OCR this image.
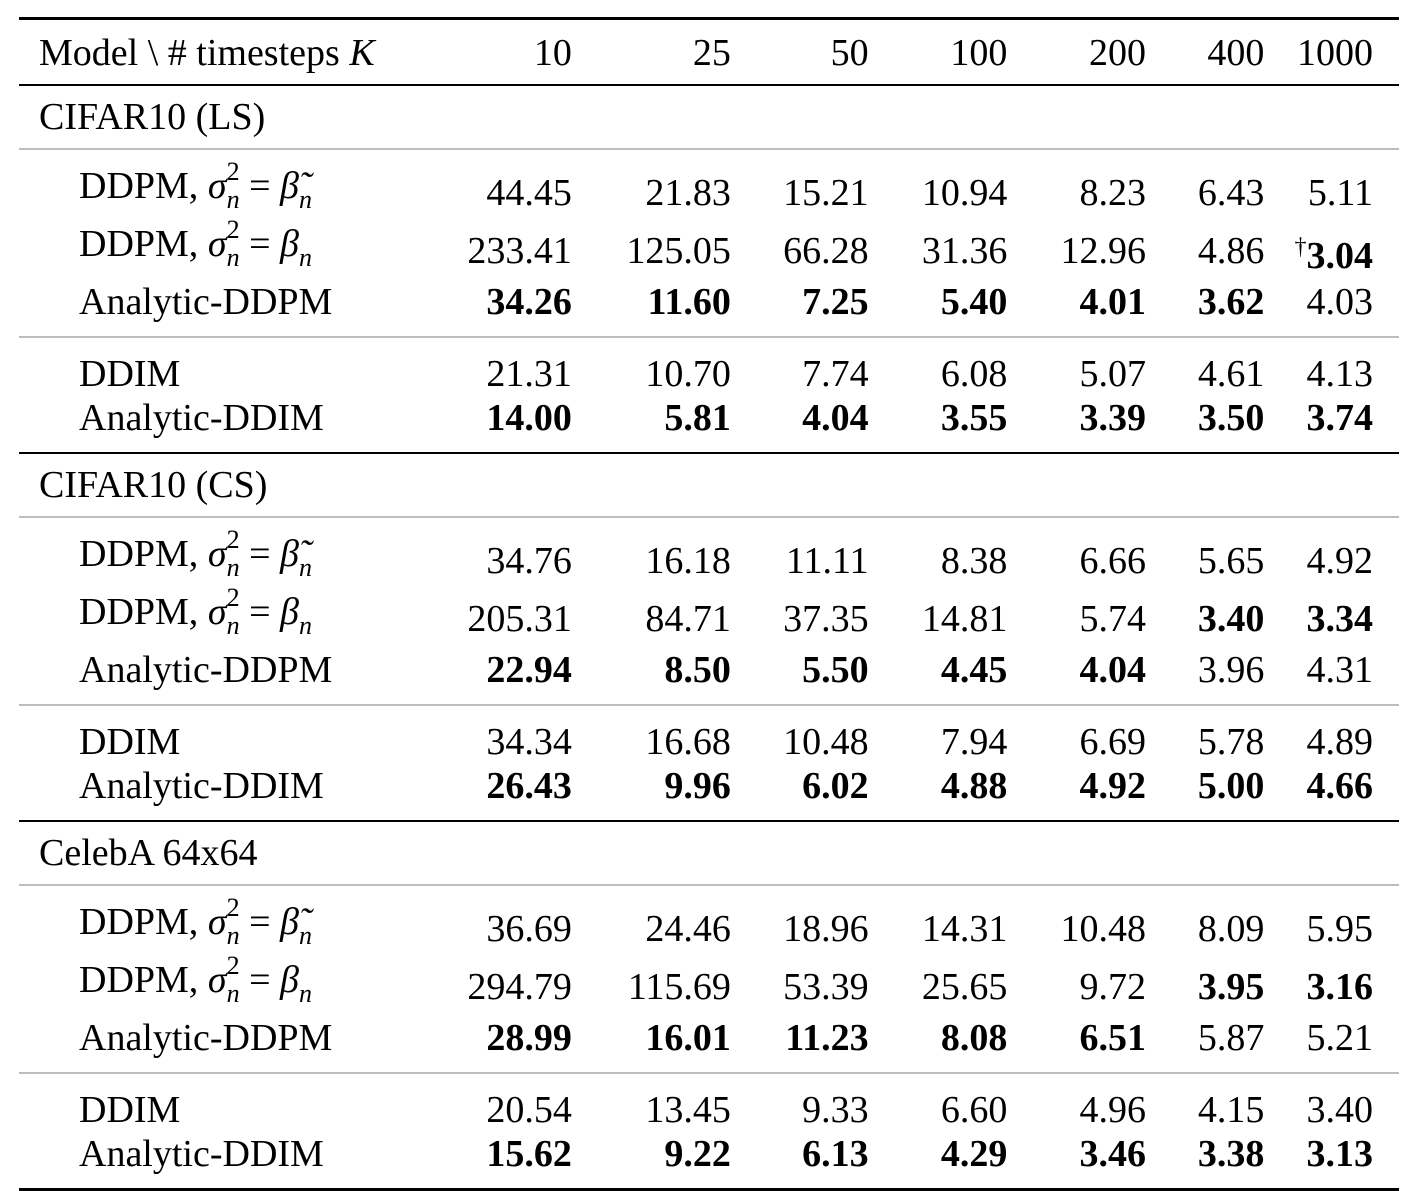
Model \ # timesteps K	10	25	50	100	200	400	1000
CIFAR10 (LS)							
DDPM, σ 2
$_n = \betã_n$	44.45	21.83	15.21	10.94	8.23	6.43	5.11
DDPM, σ 2
$_n = \beta_n$	233.41	125.05	66.28	31.36	12.96	4.86	†3.04
Analytic-DDPM	34.26	11.60	7.25	5.40	4.01	3.62	4.03
DDIM	21.31	10.70	7.74	6.08	5.07	4.61	4.13
Analytic-DDIM	14.00	5.81	4.04	3.55	3.39	3.50	3.74
CIFAR10 (CS)							
DDPM, σ 2
$_n = \betã_n$	34.76	16.18	11.11	8.38	6.66	5.65	4.92
DDPM, σ 2
$_n = \beta_n$	205.31	84.71	37.35	14.81	5.74	3.40	3.34
Analytic-DDPM	22.94	8.50	5.50	4.45	4.04	3.96	4.31
DDIM	34.34	16.68	10.48	7.94	6.69	5.78	4.89
Analytic-DDIM	26.43	9.96	6.02	4.88	4.92	5.00	4.66
CelebA 64x64							
DDPM, σ 2
$_n = \betã_n$	36.69	24.46	18.96	14.31	10.48	8.09	5.95
DDPM, σ 2
$_n = \beta_n$	294.79	115.69	53.39	25.65	9.72	3.95	3.16
Analytic-DDPM	28.99	16.01	11.23	8.08	6.51	5.87	5.21
DDIM	20.54	13.45	9.33	6.60	4.96	4.15	3.40
Analytic-DDIM	15.62	9.22	6.13	4.29	3.46	3.38	3.13
